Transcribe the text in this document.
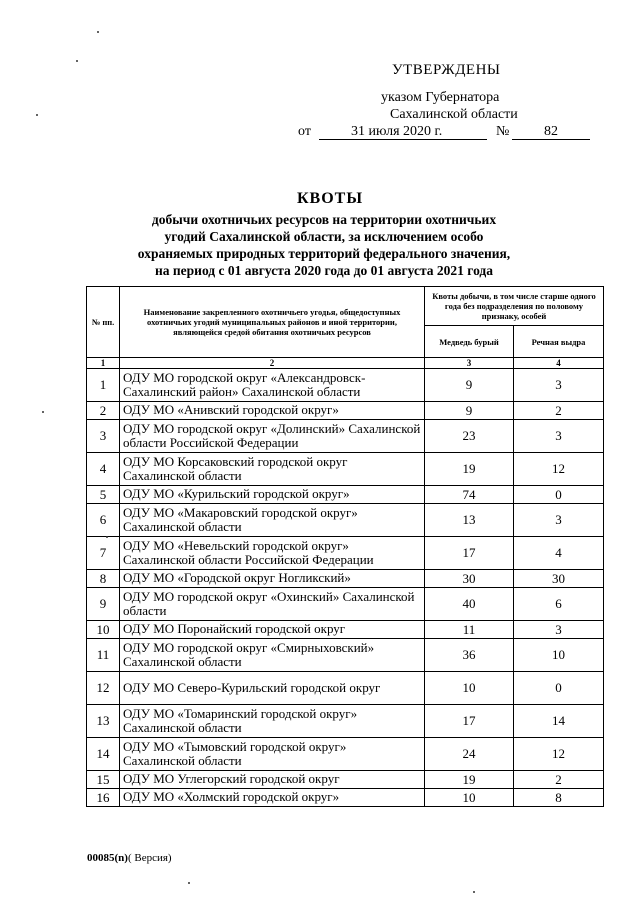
УТВЕРЖДЕНЫ
указом Губернатора
Сахалинской области
от	31 июля 2020 г.	№ 82
КВОТЫ
добычи охотничьих ресурсов на территории охотничьих
угодий Сахалинской области, за исключением особо
охраняемых природных территорий федерального значения,
на период с 01 августа 2020 года до 01 августа 2021 года
№ пп.	Наименование закрепленного охотничьего угодья, общедоступных охотничьих угодий муниципальных районов и иной территории, являющейся средой обитания охотничьих ресурсов	Квоты добычи, в том числе старше одного года без подразделения по половому признаку, особей	
		Медведь бурый	Речная выдра
1	2	3	4
1	ОДУ МО городской округ «Александровск-Сахалинский район» Сахалинской области	9	3
2	ОДУ МО «Анивский городской округ»	9	2
3	ОДУ МО городской округ «Долинский» Сахалинской области Российской Федерации	23	3
4	ОДУ МО Корсаковский городской округ Сахалинской области	19	12
5	ОДУ МО «Курильский городской округ»	74	0
6	ОДУ МО «Макаровский городской округ» Сахалинской области	13	3
7	ОДУ МО «Невельский городской округ» Сахалинской области Российской Федерации	17	4
8	ОДУ МО «Городской округ Ногликский»	30	30
9	ОДУ МО городской округ «Охинский» Сахалинской области	40	6
10	ОДУ МО Поронайский городской округ	11	3
11	ОДУ МО городской округ «Смирныховский» Сахалинской области	36	10
12	ОДУ МО Северо-Курильский городской округ	10	0
13	ОДУ МО «Томаринский городской округ» Сахалинской области	17	14
14	ОДУ МО «Тымовский городской округ» Сахалинской области	24	12
15	ОДУ МО Углегорский городской округ	19	2
16	ОДУ МО «Холмский городской округ»	10	8
00085(n)( Версия)
